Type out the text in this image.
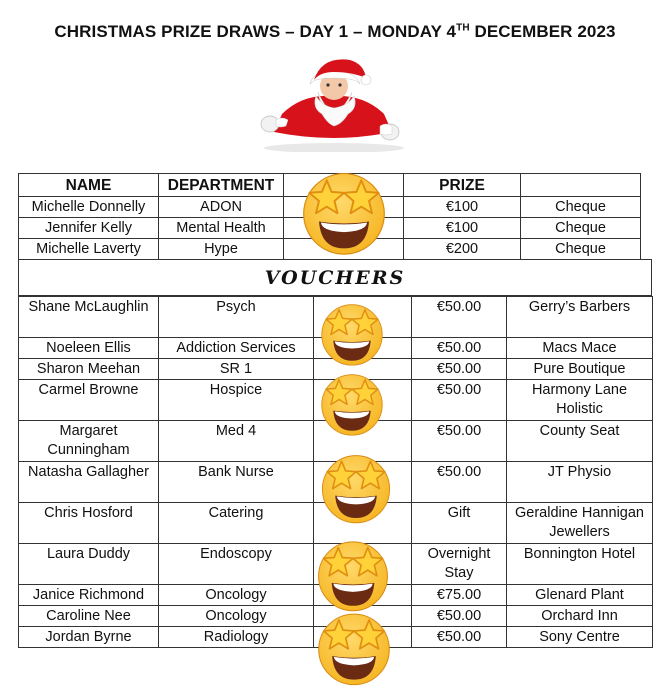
CHRISTMAS PRIZE DRAWS – DAY 1 – MONDAY 4TH DECEMBER 2023
NAME	DEPARTMENT		PRIZE	
Michelle Donnelly	ADON		€100	Cheque
Jennifer Kelly	Mental Health		€100	Cheque
Michelle Laverty	Hype		€200	Cheque
VOUCHERS
Shane McLaughlin	Psych		€50.00	Gerry’s Barbers
Noeleen Ellis	Addiction Services		€50.00	Macs Mace
Sharon Meehan	SR 1		€50.00	Pure Boutique
Carmel Browne	Hospice		€50.00	Harmony Lane Holistic
Margaret Cunningham	Med 4		€50.00	County Seat
Natasha Gallagher	Bank Nurse		€50.00	JT Physio
Chris Hosford	Catering		Gift	Geraldine Hannigan Jewellers
Laura Duddy	Endoscopy		Overnight Stay	Bonnington Hotel
Janice Richmond	Oncology		€75.00	Glenard Plant
Caroline Nee	Oncology		€50.00	Orchard Inn
Jordan Byrne	Radiology		€50.00	Sony Centre
